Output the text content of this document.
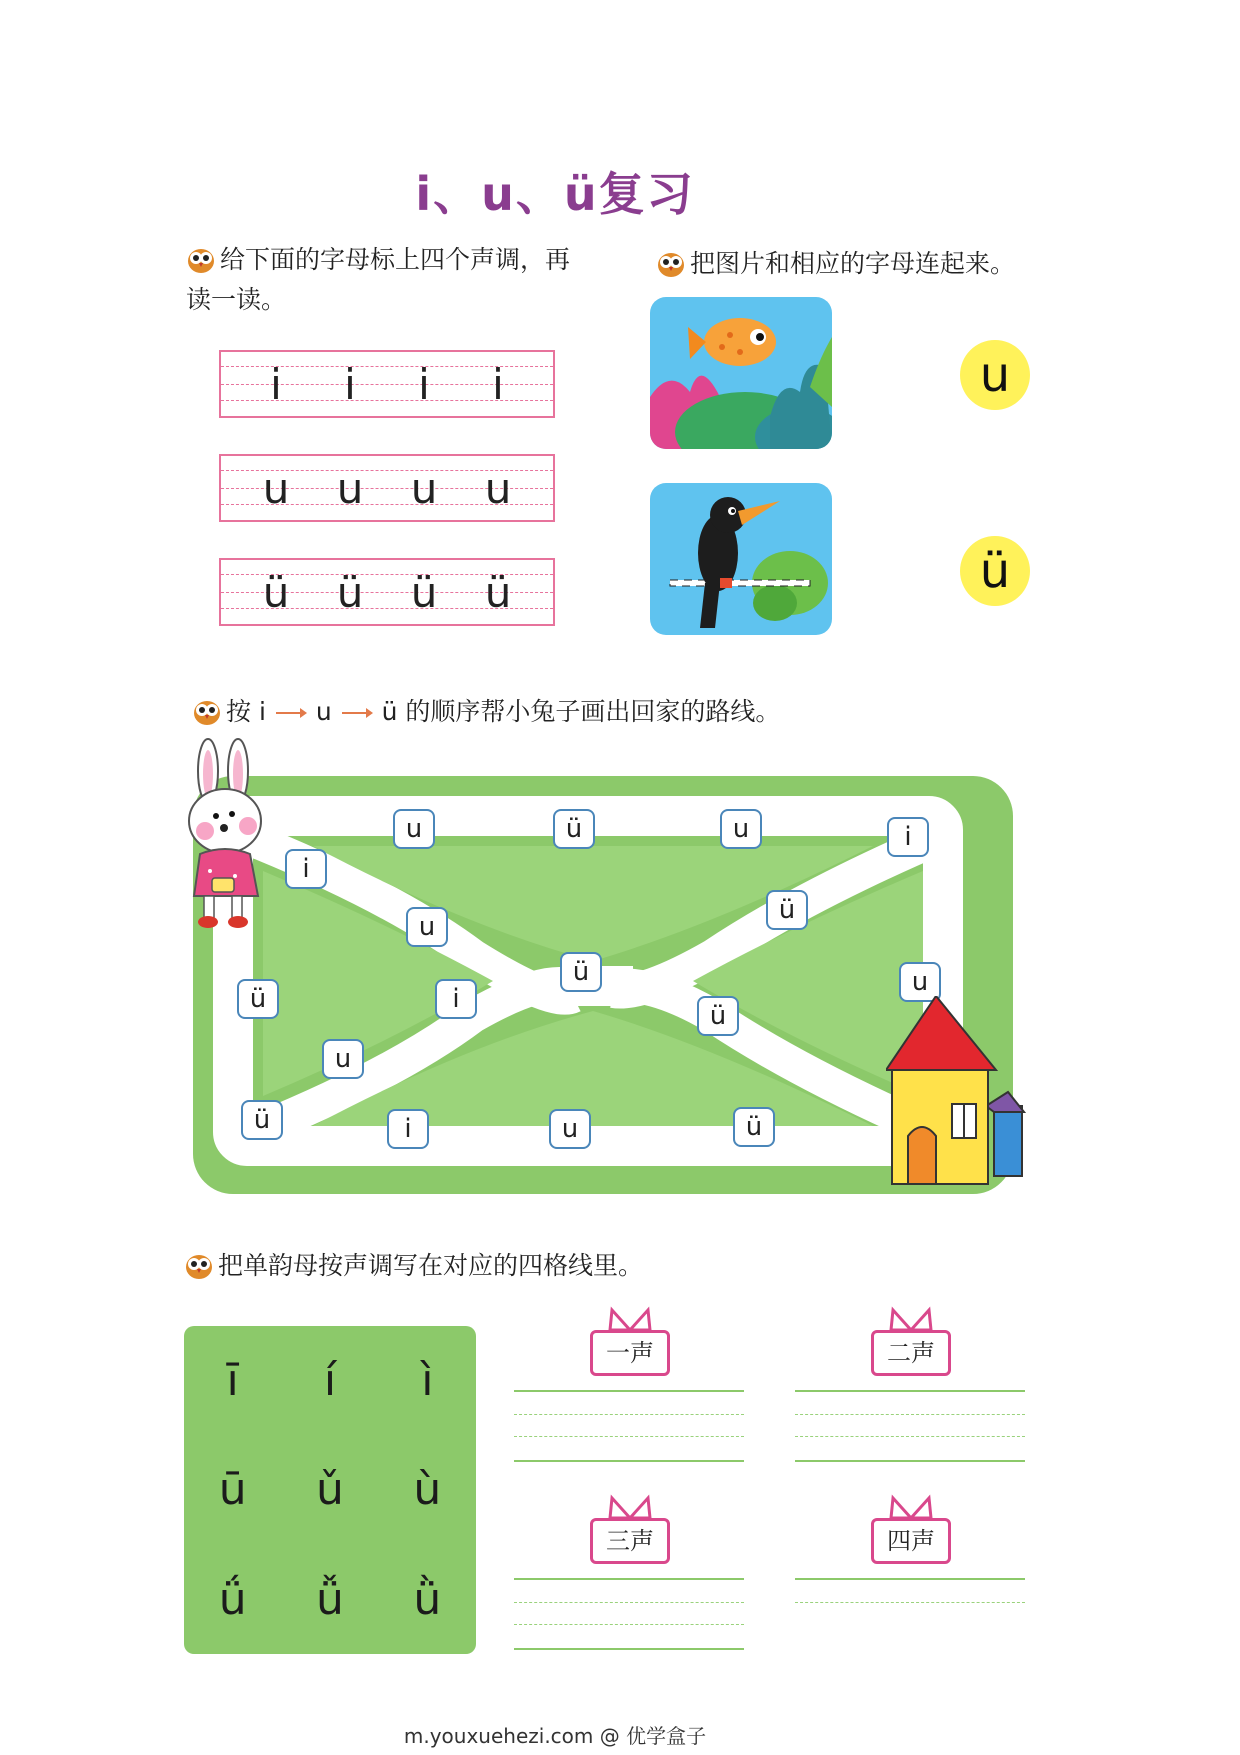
i、u、ü复习
给下面的字母标上四个声调，再
读一读。
i i i i
u u u u
ü ü ü ü
把图片和相应的字母连起来。
u
ü
按 i u ü 的顺序帮小兔子画出回家的路线。
u	ü	u	i
i
u
ü
ü	i
ü	u
ü
u
ü	i	u	ü
把单韵母按声调写在对应的四格线里。
ī	í	ì
ū	ǔ	ù
ǘ	ǚ	ǜ
一声	二声
三声	四声
m.youxuehezi.com @ 优学盒子
